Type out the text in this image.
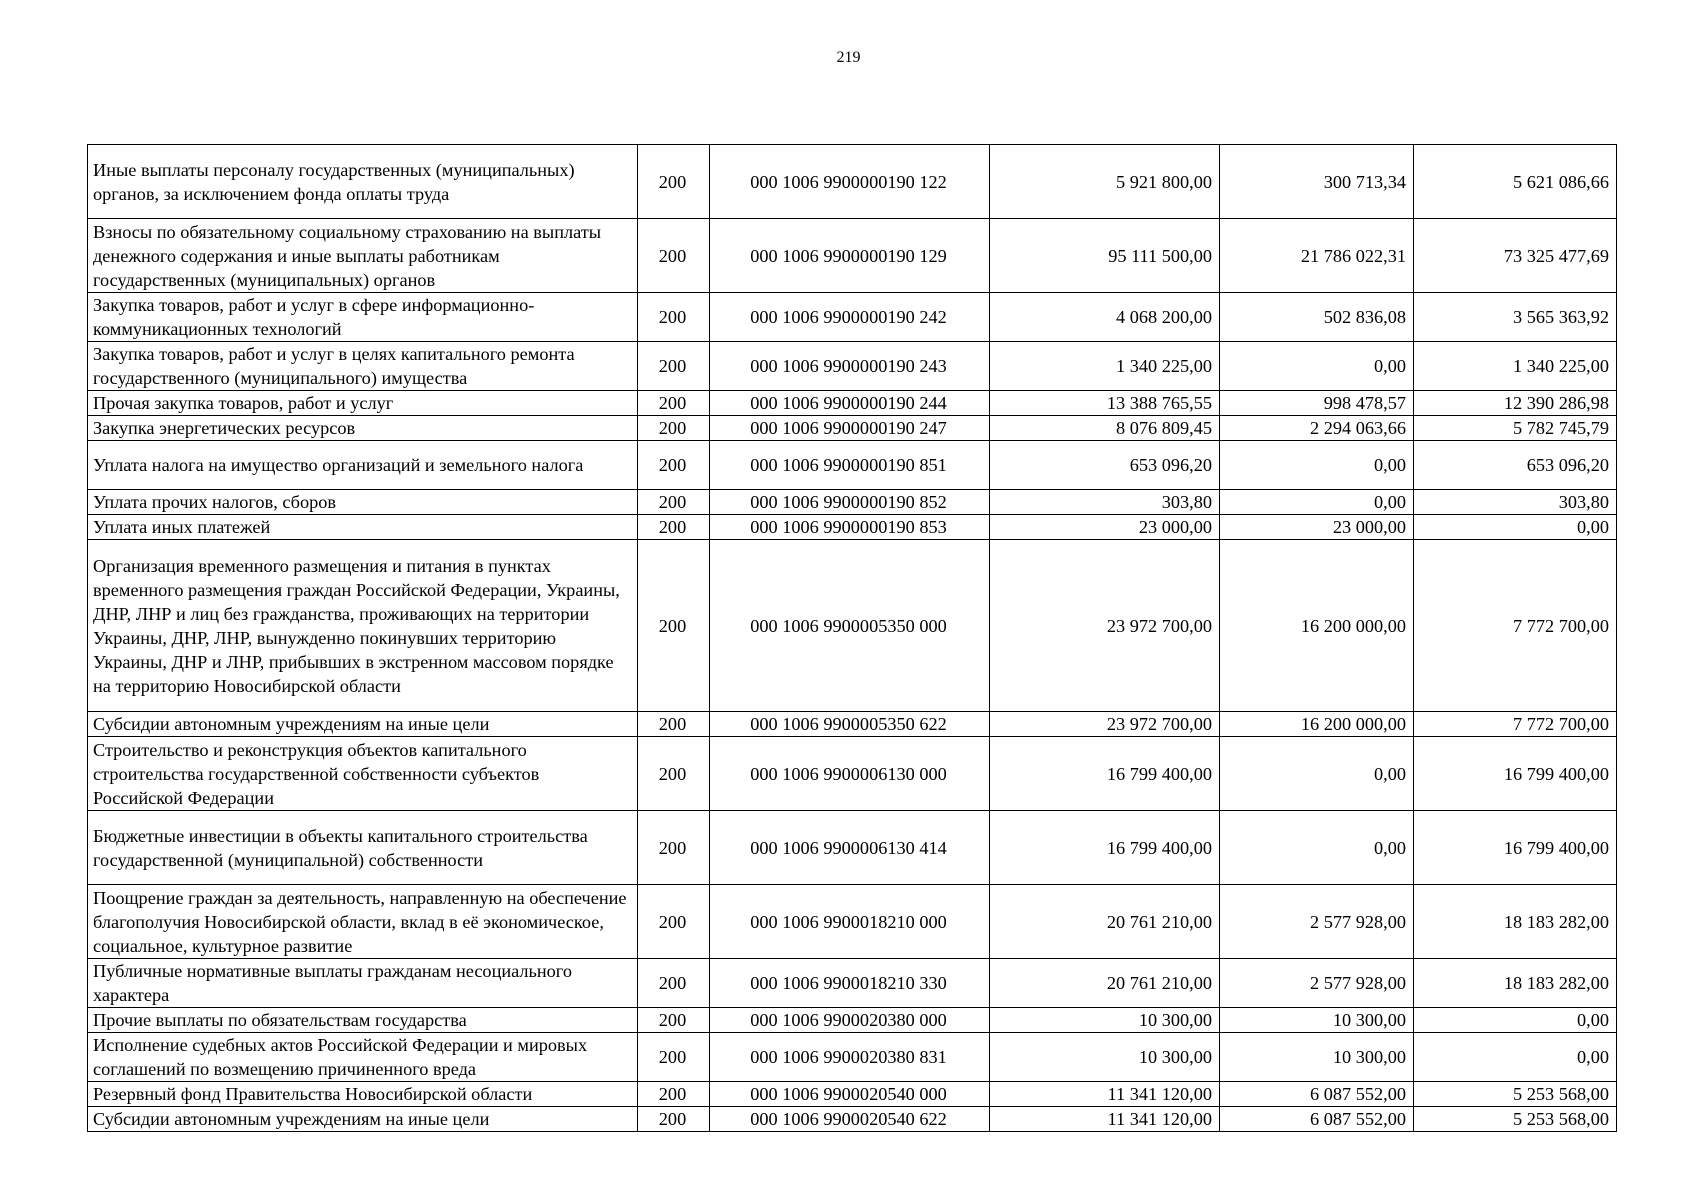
219
Иные выплаты персоналу государственных (муниципальных) органов, за исключением фонда оплаты труда	200	000 1006 9900000190 122	5 921 800,00	300 713,34	5 621 086,66
Взносы по обязательному социальному страхованию на выплаты денежного содержания и иные выплаты работникам государственных (муниципальных) органов	200	000 1006 9900000190 129	95 111 500,00	21 786 022,31	73 325 477,69
Закупка товаров, работ и услуг в сфере информационно-коммуникационных технологий	200	000 1006 9900000190 242	4 068 200,00	502 836,08	3 565 363,92
Закупка товаров, работ и услуг в целях капитального ремонта государственного (муниципального) имущества	200	000 1006 9900000190 243	1 340 225,00	0,00	1 340 225,00
Прочая закупка товаров, работ и услуг	200	000 1006 9900000190 244	13 388 765,55	998 478,57	12 390 286,98
Закупка энергетических ресурсов	200	000 1006 9900000190 247	8 076 809,45	2 294 063,66	5 782 745,79
Уплата налога на имущество организаций и земельного налога	200	000 1006 9900000190 851	653 096,20	0,00	653 096,20
Уплата прочих налогов, сборов	200	000 1006 9900000190 852	303,80	0,00	303,80
Уплата иных платежей	200	000 1006 9900000190 853	23 000,00	23 000,00	0,00
Организация временного размещения и питания в пунктах временного размещения граждан Российской Федерации, Украины, ДНР, ЛНР и лиц без гражданства, проживающих на территории Украины, ДНР, ЛНР, вынужденно покинувших территорию Украины, ДНР и ЛНР, прибывших в экстренном массовом порядке на территорию Новосибирской области	200	000 1006 9900005350 000	23 972 700,00	16 200 000,00	7 772 700,00
Субсидии автономным учреждениям на иные цели	200	000 1006 9900005350 622	23 972 700,00	16 200 000,00	7 772 700,00
Строительство и реконструкция объектов капитального строительства государственной собственности субъектов Российской Федерации	200	000 1006 9900006130 000	16 799 400,00	0,00	16 799 400,00
Бюджетные инвестиции в объекты капитального строительства государственной (муниципальной) собственности	200	000 1006 9900006130 414	16 799 400,00	0,00	16 799 400,00
Поощрение граждан за деятельность, направленную на обеспечение благополучия Новосибирской области, вклад в её экономическое, социальное, культурное развитие	200	000 1006 9900018210 000	20 761 210,00	2 577 928,00	18 183 282,00
Публичные нормативные выплаты гражданам несоциального характера	200	000 1006 9900018210 330	20 761 210,00	2 577 928,00	18 183 282,00
Прочие выплаты по обязательствам государства	200	000 1006 9900020380 000	10 300,00	10 300,00	0,00
Исполнение судебных актов Российской Федерации и мировых соглашений по возмещению причиненного вреда	200	000 1006 9900020380 831	10 300,00	10 300,00	0,00
Резервный фонд Правительства Новосибирской области	200	000 1006 9900020540 000	11 341 120,00	6 087 552,00	5 253 568,00
Субсидии автономным учреждениям на иные цели	200	000 1006 9900020540 622	11 341 120,00	6 087 552,00	5 253 568,00
